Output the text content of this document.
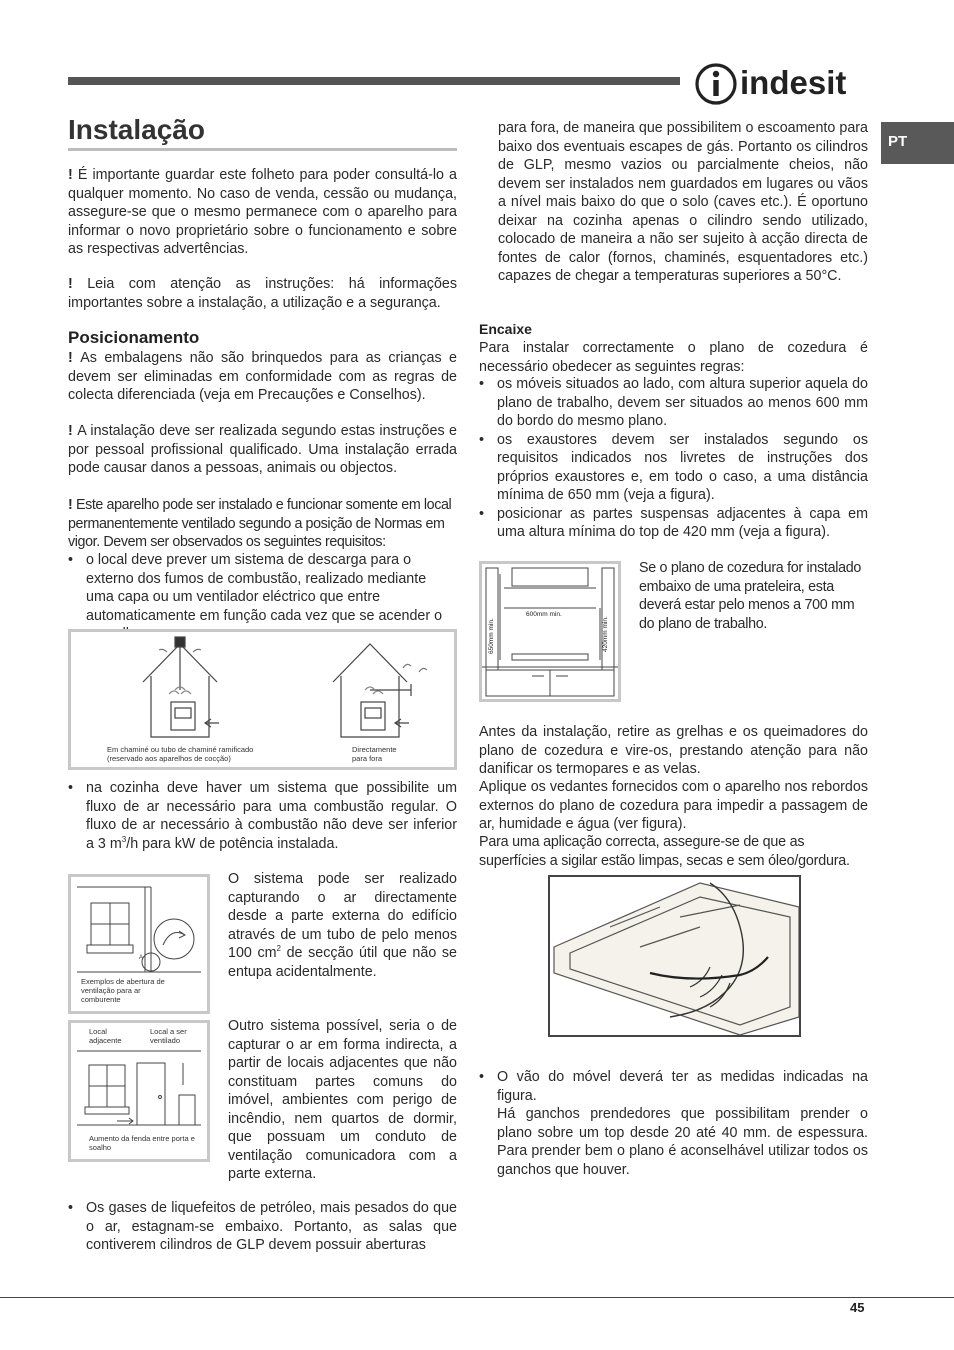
indesit
PT
Instalação
! É importante guardar este folheto para poder consultá-lo a qualquer momento. No caso de venda, cessão ou mudança, assegure-se que o mesmo permanece com o aparelho para informar o novo proprietário sobre o funcionamento e sobre as respectivas advertências.
! Leia com atenção as instruções: há informações importantes sobre a instalação, a utilização e a segurança.
Posicionamento
! As embalagens não são brinquedos para as crianças e devem ser eliminadas em conformidade com as regras de colecta diferenciada (veja em Precauções e Conselhos).
! A instalação deve ser realizada segundo estas instruções e por pessoal profissional qualificado. Uma instalação errada pode causar danos a pessoas, animais ou objectos.
! Este aparelho pode ser instalado e funcionar somente em local permanentemente ventilado segundo a posição de Normas em vigor. Devem ser observados os seguintes requisitos:
• o local deve prever um sistema de descarga para o externo dos fumos de combustão, realizado mediante uma capa ou um ventilador eléctrico que entre automaticamente em função cada vez que se acender o
Em chaminé ou tubo de chaminé ramificado (reservado aos aparelhos de cocção)
Directamente para fora
• na cozinha deve haver um sistema que possibilite um fluxo de ar necessário para uma combustão regular. O fluxo de ar necessário à combustão não deve ser inferior a 3 $m^3/h$ para kW de potência instalada.
A
Exemplos de abertura de ventilação para ar comburente
O sistema pode ser realizado capturando o ar directamente desde a parte externa do edifício através de um tubo de pelo menos 100 $cm^2$ de secção útil que não se entupa acidentalmente.
Local adjacente
Local a ser ventilado
Aumento da fenda entre porta e soalho
Outro sistema possível, seria o de capturar o ar em forma indirecta, a partir de locais adjacentes que não constituam partes comuns do imóvel, ambientes com perigo de incêndio, nem quartos de dormir, que possuam um conduto de ventilação comunicadora com a parte externa.
• Os gases de liquefeitos de petróleo, mais pesados do que o ar, estagnam-se embaixo. Portanto, as salas que contiverem cilindros de GLP devem possuir aberturas
para fora, de maneira que possibilitem o escoamento para baixo dos eventuais escapes de gás. Portanto os cilindros de GLP, mesmo vazios ou parcialmente cheios, não devem ser instalados nem guardados em lugares ou vãos a nível mais baixo do que o solo (caves etc.). É oportuno deixar na cozinha apenas o cilindro sendo utilizado, colocado de maneira a não ser sujeito à acção directa de fontes de calor (fornos, chaminés, esquentadores etc.) capazes de chegar a temperaturas superiores a 50°C.
Encaixe
Para instalar correctamente o plano de cozedura é necessário obedecer as seguintes regras:
• os móveis situados ao lado, com altura superior aquela do plano de trabalho, devem ser situados ao menos 600 mm do bordo do mesmo plano.
• os exaustores devem ser instalados segundo os requisitos indicados nos livretes de instruções dos próprios exaustores e, em todo o caso, a uma distância mínima de 650 mm (veja a figura).
• posicionar as partes suspensas adjacentes à capa em uma altura mínima do top de 420 mm (veja a figura).
600mm min.
650mm min.	420mm min.
Se o plano de cozedura for instalado embaixo de uma prateleira, esta deverá estar pelo menos a 700 mm do plano de trabalho.
Antes da instalação, retire as grelhas e os queimadores do plano de cozedura e vire-os, prestando atenção para não danificar os termopares e as velas.
Aplique os vedantes fornecidos com o aparelho nos rebordos externos do plano de cozedura para impedir a passagem de ar, humidade e água (ver figura).
Para uma aplicação correcta, assegure-se de que as superfícies a sigilar estão limpas, secas e sem óleo/gordura.
• O vão do móvel deverá ter as medidas indicadas na figura.
Há ganchos prendedores que possibilitam prender o plano sobre um top desde 20 até 40 mm. de espessura. Para prender bem o plano é aconselhável utilizar todos os ganchos que houver.
45
